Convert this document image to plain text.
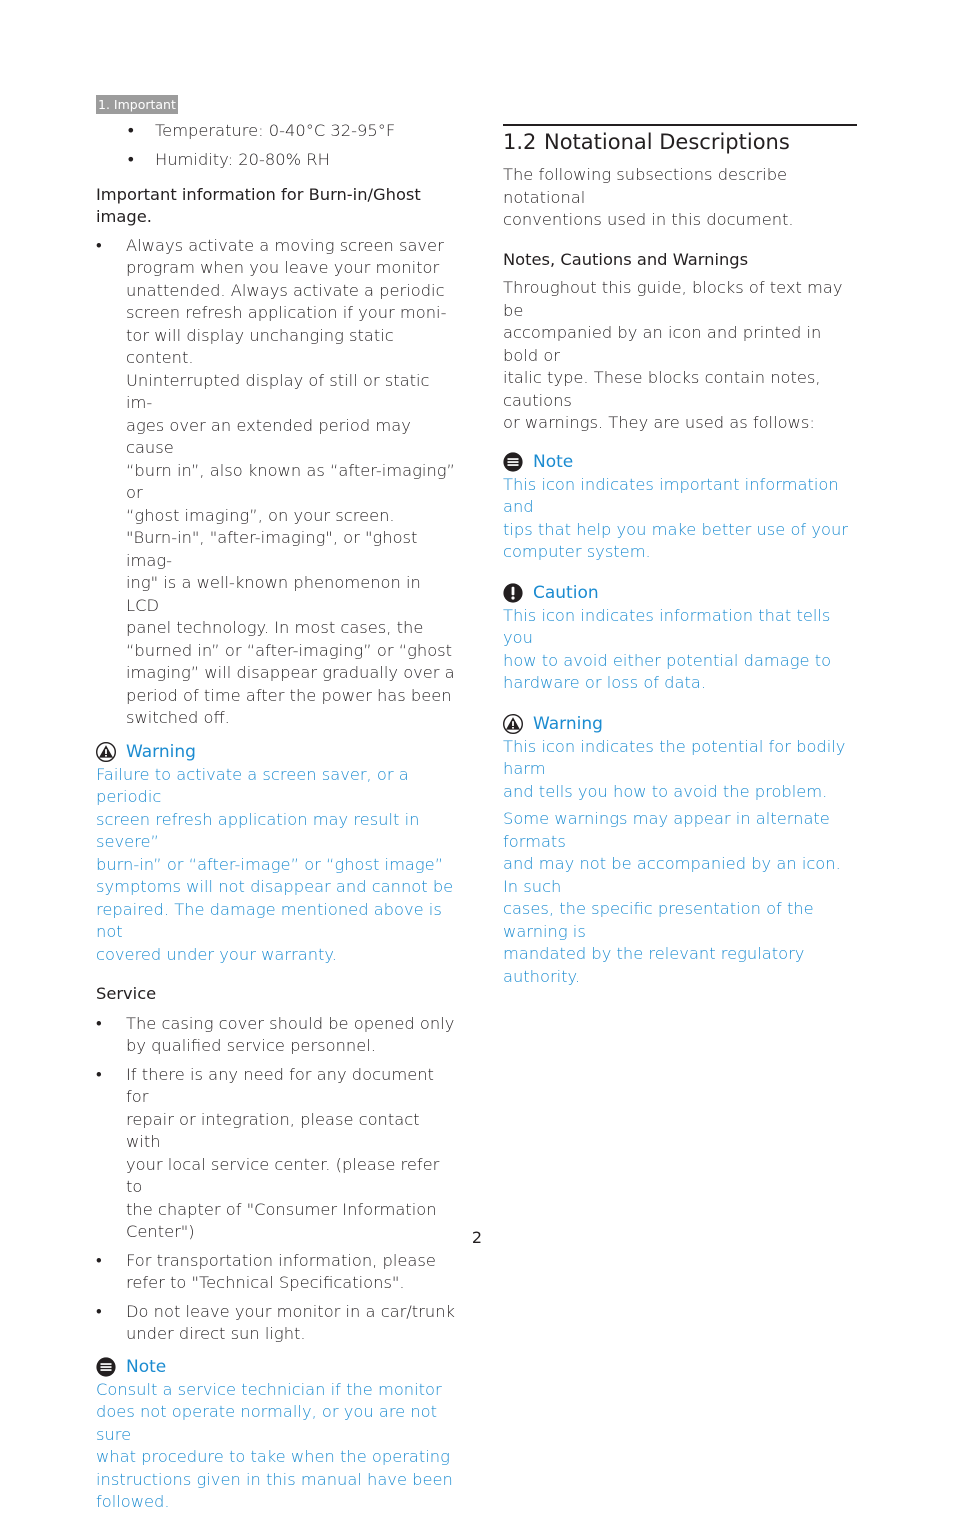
1. Important
• Temperature: 0-40°C 32-95°F
• Humidity: 20-80% RH
Important information for Burn-in/Ghost
image.
• Always activate a moving screen saver
program when you leave your monitor
unattended. Always activate a periodic
screen refresh application if your moni-
tor will display unchanging static content.
Uninterrupted display of still or static im-
ages over an extended period may cause
“burn in”, also known as “after-imaging” or
“ghost imaging”, on your screen.
"Burn-in", "after-imaging", or "ghost imag-
ing" is a well-known phenomenon in LCD
panel technology. In most cases, the
“burned in” or “after-imaging” or “ghost
imaging” will disappear gradually over a
period of time after the power has been
switched off.
Warning
Failure to activate a screen saver, or a periodic
screen refresh application may result in severe”
burn-in” or “after-image” or “ghost image”
symptoms will not disappear and cannot be
repaired. The damage mentioned above is not
covered under your warranty.
Service
• The casing cover should be opened only
by qualified service personnel.
• If there is any need for any document for
repair or integration, please contact with
your local service center. (please refer to
the chapter of "Consumer Information
Center")
• For transportation information, please
refer to "Technical Specifications".
• Do not leave your monitor in a car/trunk
under direct sun light.
Note
Consult a service technician if the monitor
does not operate normally, or you are not sure
what procedure to take when the operating
instructions given in this manual have been
followed.
1.2 Notational Descriptions
The following subsections describe notational
conventions used in this document.
Notes, Cautions and Warnings
Throughout this guide, blocks of text may be
accompanied by an icon and printed in bold or
italic type. These blocks contain notes, cautions
or warnings. They are used as follows:
Note
This icon indicates important information and
tips that help you make better use of your
computer system.
Caution
This icon indicates information that tells you
how to avoid either potential damage to
hardware or loss of data.
Warning
This icon indicates the potential for bodily harm
and tells you how to avoid the problem.
Some warnings may appear in alternate formats
and may not be accompanied by an icon. In such
cases, the specific presentation of the warning is
mandated by the relevant regulatory authority.
2
